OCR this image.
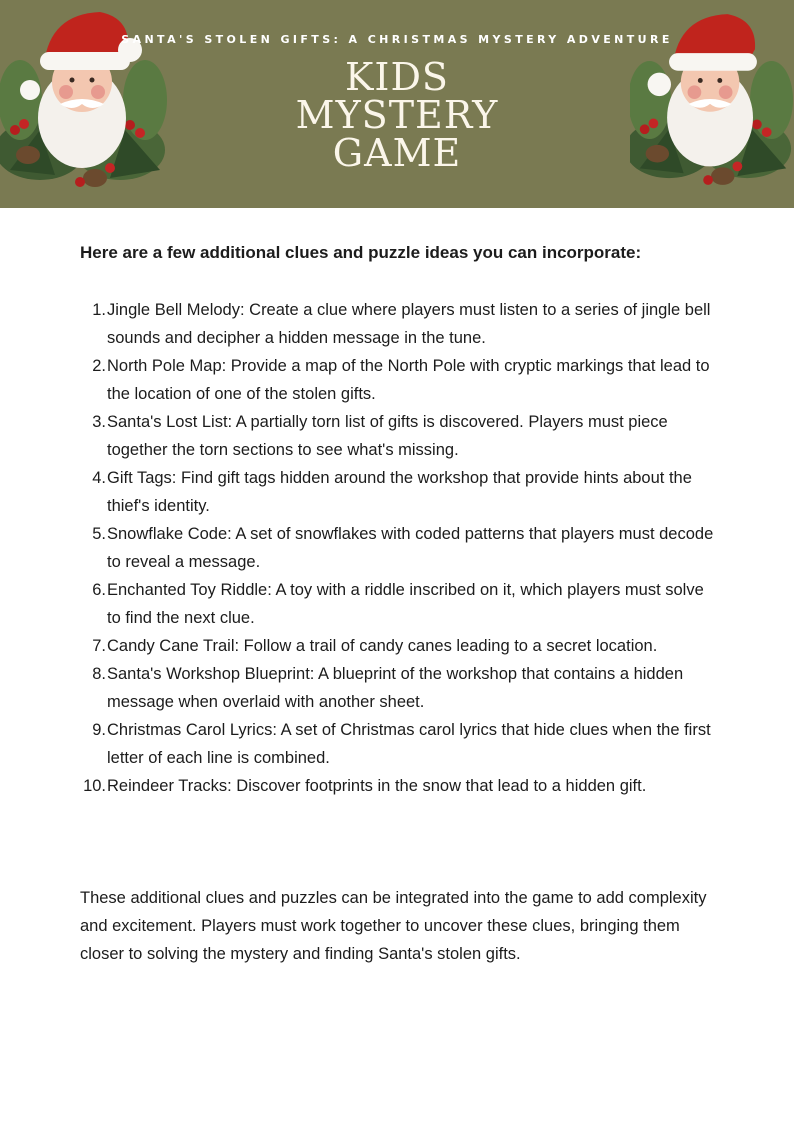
SANTA'S STOLEN GIFTS: A CHRISTMAS MYSTERY ADVENTURE
KIDS
MYSTERY
GAME

Here are a few additional clues and puzzle ideas you can incorporate:

1. Jingle Bell Melody: Create a clue where players must listen to a series of jingle bell sounds and decipher a hidden message in the tune.
2. North Pole Map: Provide a map of the North Pole with cryptic markings that lead to the location of one of the stolen gifts.
3. Santa's Lost List: A partially torn list of gifts is discovered. Players must piece together the torn sections to see what's missing.
4. Gift Tags: Find gift tags hidden around the workshop that provide hints about the thief's identity.
5. Snowflake Code: A set of snowflakes with coded patterns that players must decode to reveal a message.
6. Enchanted Toy Riddle: A toy with a riddle inscribed on it, which players must solve to find the next clue.
7. Candy Cane Trail: Follow a trail of candy canes leading to a secret location.
8. Santa's Workshop Blueprint: A blueprint of the workshop that contains a hidden message when overlaid with another sheet.
9. Christmas Carol Lyrics: A set of Christmas carol lyrics that hide clues when the first letter of each line is combined.
10. Reindeer Tracks: Discover footprints in the snow that lead to a hidden gift.

These additional clues and puzzles can be integrated into the game to add complexity and excitement. Players must work together to uncover these clues, bringing them closer to solving the mystery and finding Santa's stolen gifts.
